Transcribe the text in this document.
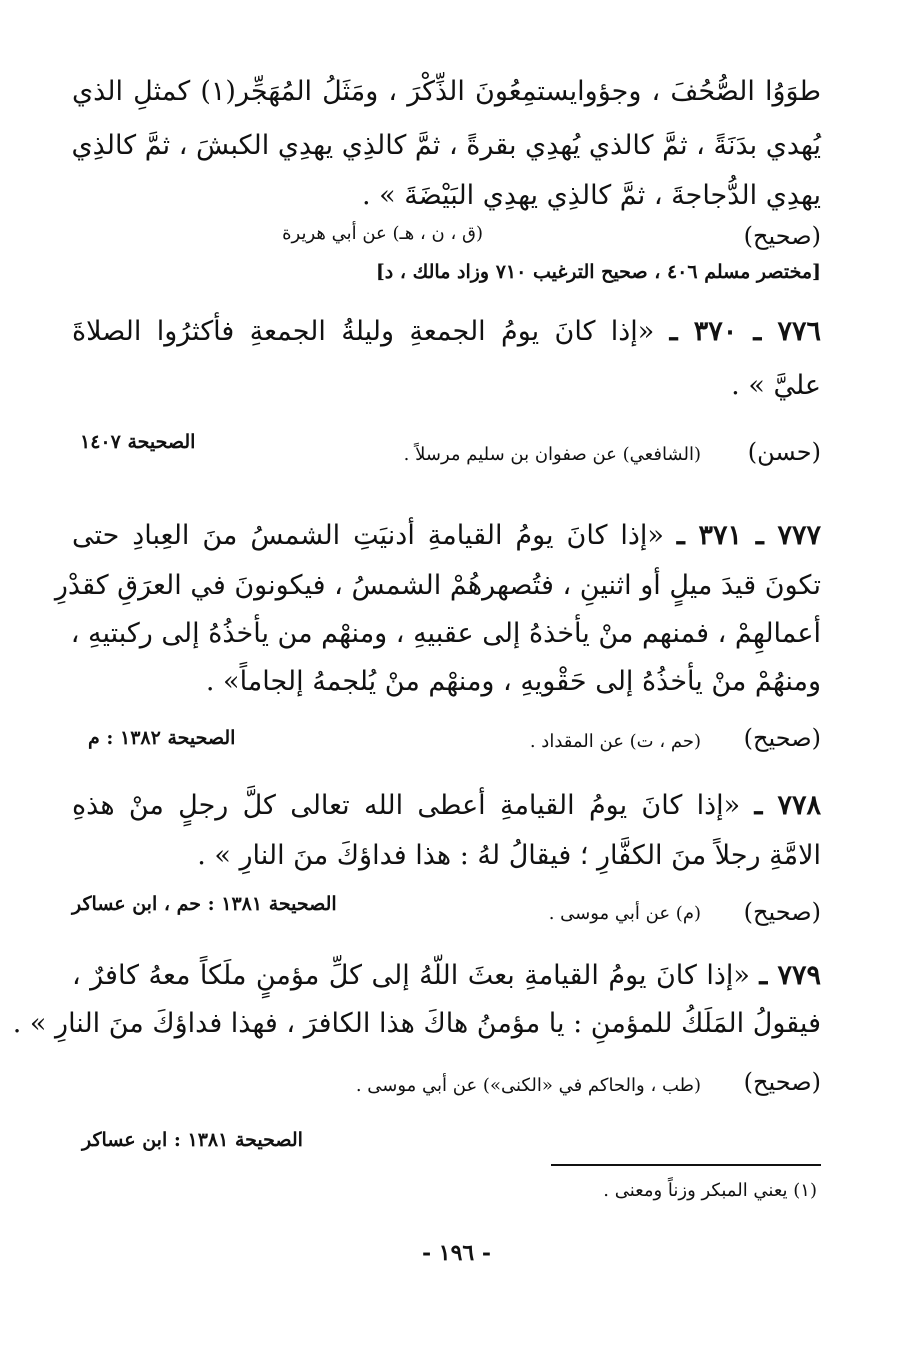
طوَوُا الصُّحُفَ ، وجؤوايستمِعُونَ الذِّكْرَ ، ومَثَلُ المُهَجِّر(١) كمثلِ الذي
يُهدي بدَنَةً ، ثمَّ كالذي يُهدِي بقرةً ، ثمَّ كالذِي يهدِي الكبشَ ، ثمَّ كالذِي
يهدِي الدُّجاجةَ ، ثمَّ كالذِي يهدِي البَيْضَةَ » .
( صحيح )
(ق ، ن ، هـ) عن أبي هريرة
[مختصر مسلم ٤٠٦ ، صحيح الترغيب ٧١٠ وزاد مالك ، د]
٧٧٦ ـ ٣٧٠ ـ «إذا كانَ يومُ الجمعةِ وليلةُ الجمعةِ فأكثرُوا الصلاةَ
عليَّ » .
( حسن )
(الشافعي) عن صفوان بن سليم مرسلاً .
الصحيحة ١٤٠٧
٧٧٧ ـ ٣٧١ ـ «إذا كانَ يومُ القيامةِ أدنيَتِ الشمسُ منَ العِبادِ حتى
تكونَ قيدَ ميلٍ أو اثنينِ ، فتُصهرهُمْ الشمسُ ، فيكونونَ في العرَقِ كقدْرِ
أعمالهِمْ ، فمنهم منْ يأخذهُ إلى عقبيهِ ، ومنهْم من يأخذُهُ إلى ركبتيهِ ،
ومنهُمْ منْ يأخذُهُ إلى حَقْويهِ ، ومنهْم منْ يُلجمهُ إلجاماً» .
( صحيح )
(حم ، ت) عن المقداد .
الصحيحة ١٣٨٢ : م
٧٧٨ ـ «إذا كانَ يومُ القيامةِ أعطى الله تعالى كلَّ رجلٍ منْ هذهِ
الامَّةِ رجلاً منَ الكفَّارِ ؛ فيقالُ لهُ : هذا فداؤكَ منَ النارِ » .
( صحيح )
(م) عن أبي موسى .
الصحيحة ١٣٨١ : حم ، ابن عساكر
٧٧٩ ـ «إذا كانَ يومُ القيامةِ بعثَ اللّهُ إلى كلِّ مؤمنٍ ملَكاً معهُ كافرٌ ،
فيقولُ المَلَكُ للمؤمنِ : يا مؤمنُ هاكَ هذا الكافرَ ، فهذا فداؤكَ منَ النارِ » .
( صحيح )
(طب ، والحاكم في «الكنى») عن أبي موسى .
الصحيحة ١٣٨١ : ابن عساكر
(١) يعني المبكر وزناً ومعنى .
- ١٩٦ -
